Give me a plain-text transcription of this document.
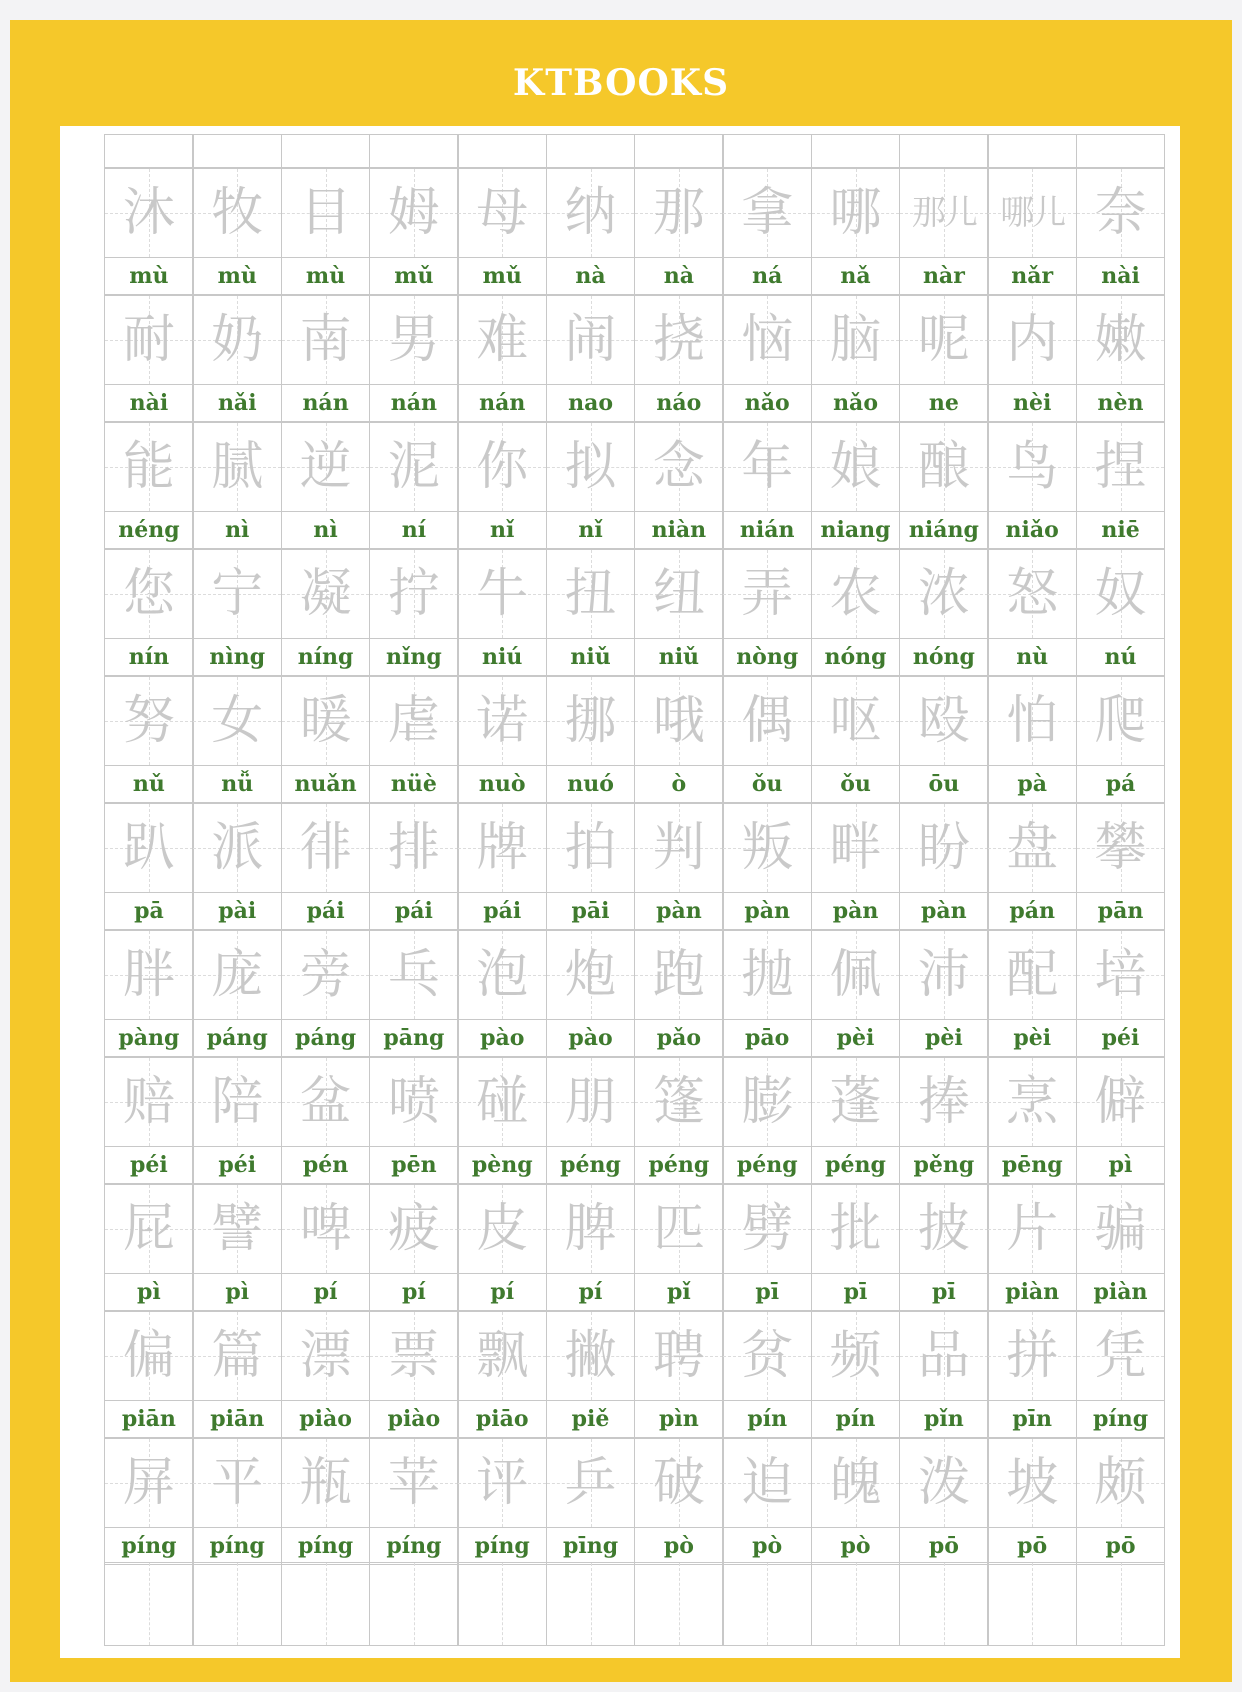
KTBOOKS
沐
mù
牧
mù
目
mù
姆
mǔ
母
mǔ
纳
nà
那
nà
拿
ná
哪
nǎ
那儿
nàr
哪儿
nǎr
奈
nài
耐
nài
奶
nǎi
南
nán
男
nán
难
nán
闹
nao
挠
náo
恼
nǎo
脑
nǎo
呢
ne
内
nèi
嫩
nèn
能
néng
腻
nì
逆
nì
泥
ní
你
nǐ
拟
nǐ
念
niàn
年
nián
娘
niang
酿
niáng
鸟
niǎo
捏
niē
您
nín
宁
nìng
凝
níng
拧
nǐng
牛
niú
扭
niǔ
纽
niǔ
弄
nòng
农
nóng
浓
nóng
怒
nù
奴
nú
努
nǔ
女
nǚ
暖
nuǎn
虐
nüè
诺
nuò
挪
nuó
哦
ò
偶
ǒu
呕
ǒu
殴
ōu
怕
pà
爬
pá
趴
pā
派
pài
徘
pái
排
pái
牌
pái
拍
pāi
判
pàn
叛
pàn
畔
pàn
盼
pàn
盘
pán
攀
pān
胖
pàng
庞
páng
旁
páng
乓
pāng
泡
pào
炮
pào
跑
pǎo
抛
pāo
佩
pèi
沛
pèi
配
pèi
培
péi
赔
péi
陪
péi
盆
pén
喷
pēn
碰
pèng
朋
péng
篷
péng
膨
péng
蓬
péng
捧
pěng
烹
pēng
僻
pì
屁
pì
譬
pì
啤
pí
疲
pí
皮
pí
脾
pí
匹
pǐ
劈
pī
批
pī
披
pī
片
piàn
骗
piàn
偏
piān
篇
piān
漂
piào
票
piào
飘
piāo
撇
piě
聘
pìn
贫
pín
频
pín
品
pǐn
拼
pīn
凭
píng
屏
píng
平
píng
瓶
píng
苹
píng
评
píng
乒
pīng
破
pò
迫
pò
魄
pò
泼
pō
坡
pō
颇
pō
